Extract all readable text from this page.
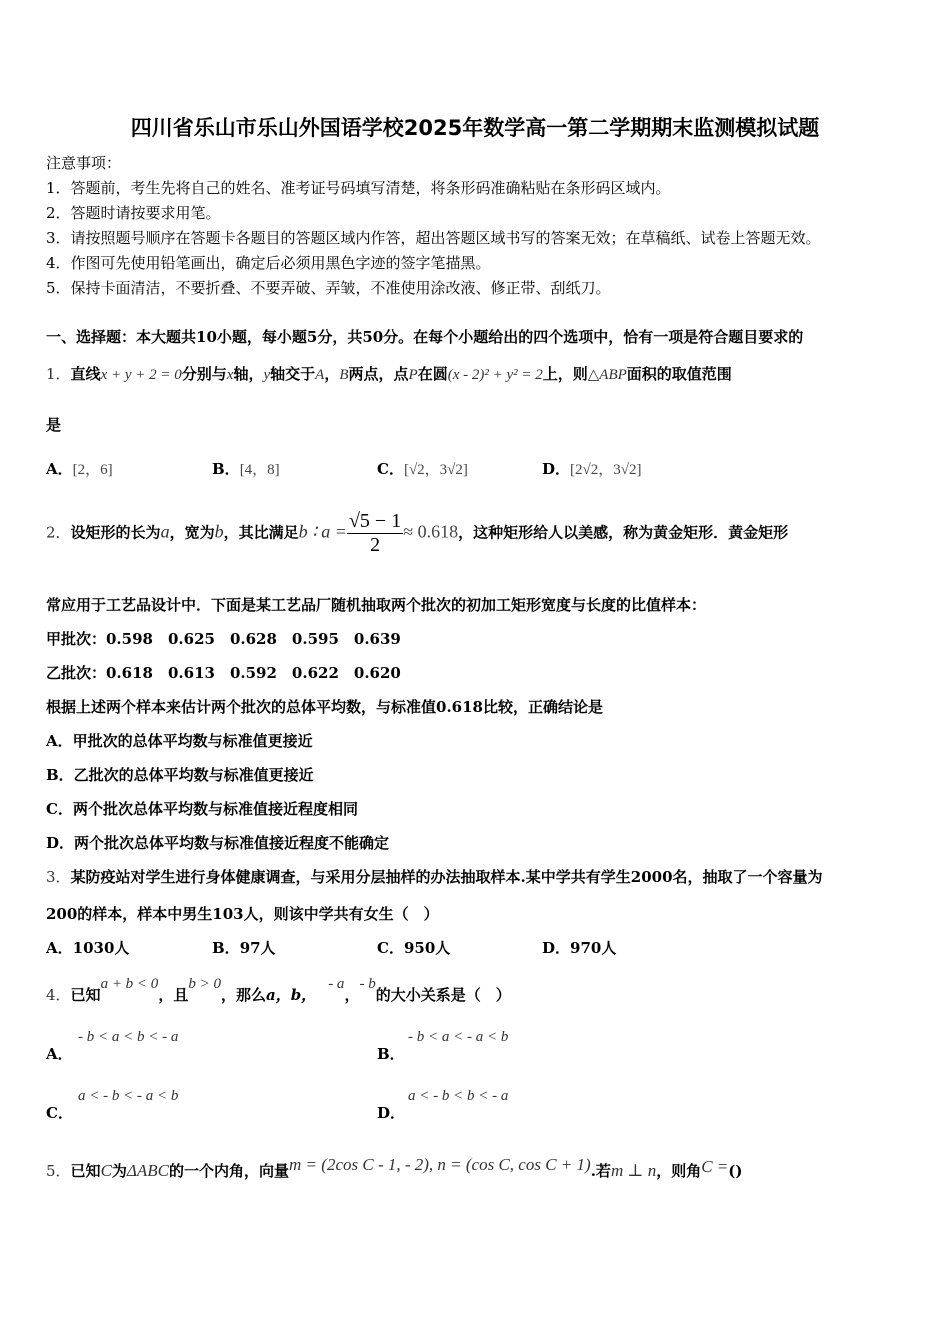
四川省乐山市乐山外国语学校2025年数学高一第二学期期末监测模拟试题
注意事项：
1．答题前，考生先将自己的姓名、准考证号码填写清楚，将条形码准确粘贴在条形码区域内。
2．答题时请按要求用笔。
3．请按照题号顺序在答题卡各题目的答题区域内作答，超出答题区域书写的答案无效；在草稿纸、试卷上答题无效。
4．作图可先使用铅笔画出，确定后必须用黑色字迹的签字笔描黑。
5．保持卡面清洁，不要折叠、不要弄破、弄皱，不准使用涂改液、修正带、刮纸刀。
一、选择题：本大题共10小题，每小题5分，共50分。在每个小题给出的四个选项中，恰有一项是符合题目要求的
1．直线x + y + 2 = 0分别与x轴，y轴交于A，B两点，点P在圆(x - 2)² + y² = 2上，则△ABP面积的取值范围
是
A．[2，6]	B．[4，8]	C．[√2，3√2]	D．[2√2，3√2]
2．设矩形的长为a，宽为b，其比满足b ∶ $a = \frac{√5 - 1}{2} \approx 0.618$，这种矩形给人以美感，称为黄金矩形．黄金矩形
常应用于工艺品设计中．下面是某工艺品厂随机抽取两个批次的初加工矩形宽度与长度的比值样本：
甲批次：0.598　0.625　0.628　0.595　0.639
乙批次：0.618　0.613　0.592　0.622　0.620
根据上述两个样本来估计两个批次的总体平均数，与标准值0.618比较，正确结论是
A．甲批次的总体平均数与标准值更接近
B．乙批次的总体平均数与标准值更接近
C．两个批次总体平均数与标准值接近程度相同
D．两个批次总体平均数与标准值接近程度不能确定
3．某防疫站对学生进行身体健康调查，与采用分层抽样的办法抽取样本.某中学共有学生2000名，抽取了一个容量为
200的样本，样本中男生103人，则该中学共有女生（　）
A．1030人	B．97人	C．950人	D．970人
4．已知a + b < 0，且b > 0，那么a，b，- a，- b的大小关系是（　）
A．
- b < a < b < - a
B．
- b < a < - a < b
C．
a < - b < - a < b
D．
a < - b < b < - a
5．已知C为ΔABC的一个内角，向量m = (2cos C - 1, - 2), n = (cos C, cos C + 1).若m ⊥ n，则角C =()
